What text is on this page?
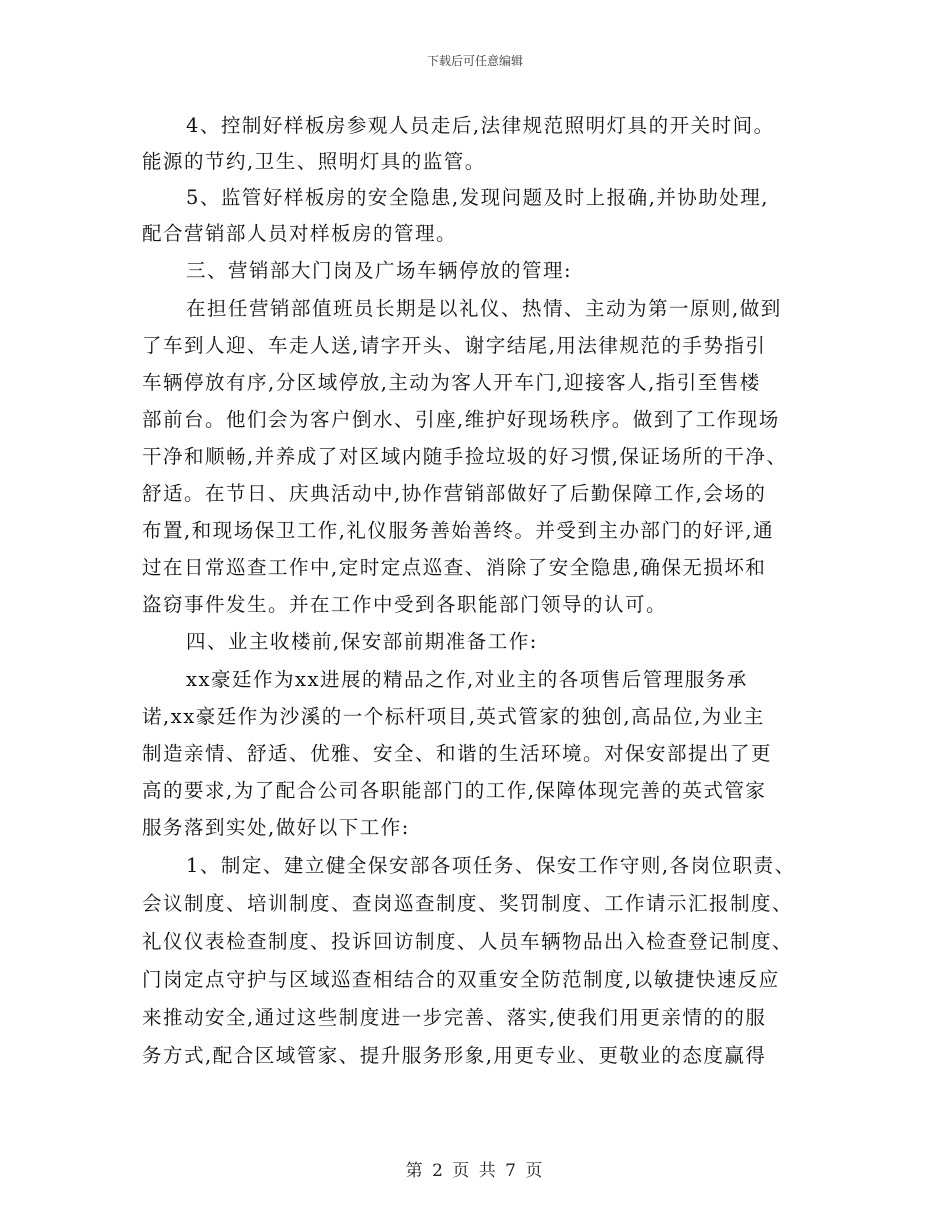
下载后可任意编辑
4、控制好样板房参观人员走后,法律规范照明灯具的开关时间。
能源的节约,卫生、照明灯具的监管。
5、监管好样板房的安全隐患,发现问题及时上报确,并协助处理,
配合营销部人员对样板房的管理。
三、营销部大门岗及广场车辆停放的管理:
在担任营销部值班员长期是以礼仪、热情、主动为第一原则,做到
了车到人迎、车走人送,请字开头、谢字结尾,用法律规范的手势指引
车辆停放有序,分区域停放,主动为客人开车门,迎接客人,指引至售楼
部前台。他们会为客户倒水、引座,维护好现场秩序。做到了工作现场
干净和顺畅,并养成了对区域内随手捡垃圾的好习惯,保证场所的干净、
舒适。在节日、庆典活动中,协作营销部做好了后勤保障工作,会场的
布置,和现场保卫工作,礼仪服务善始善终。并受到主办部门的好评,通
过在日常巡查工作中,定时定点巡查、消除了安全隐患,确保无损坏和
盗窃事件发生。并在工作中受到各职能部门领导的认可。
四、业主收楼前,保安部前期准备工作:
xx豪廷作为xx进展的精品之作,对业主的各项售后管理服务承
诺,xx豪廷作为沙溪的一个标杆项目,英式管家的独创,高品位,为业主
制造亲情、舒适、优雅、安全、和谐的生活环境。对保安部提出了更
高的要求,为了配合公司各职能部门的工作,保障体现完善的英式管家
服务落到实处,做好以下工作:
1、制定、建立健全保安部各项任务、保安工作守则,各岗位职责、
会议制度、培训制度、查岗巡查制度、奖罚制度、工作请示汇报制度、
礼仪仪表检查制度、投诉回访制度、人员车辆物品出入检查登记制度、
门岗定点守护与区域巡查相结合的双重安全防范制度,以敏捷快速反应
来推动安全,通过这些制度进一步完善、落实,使我们用更亲情的的服
务方式,配合区域管家、提升服务形象,用更专业、更敬业的态度赢得
第 2 页 共 7 页
